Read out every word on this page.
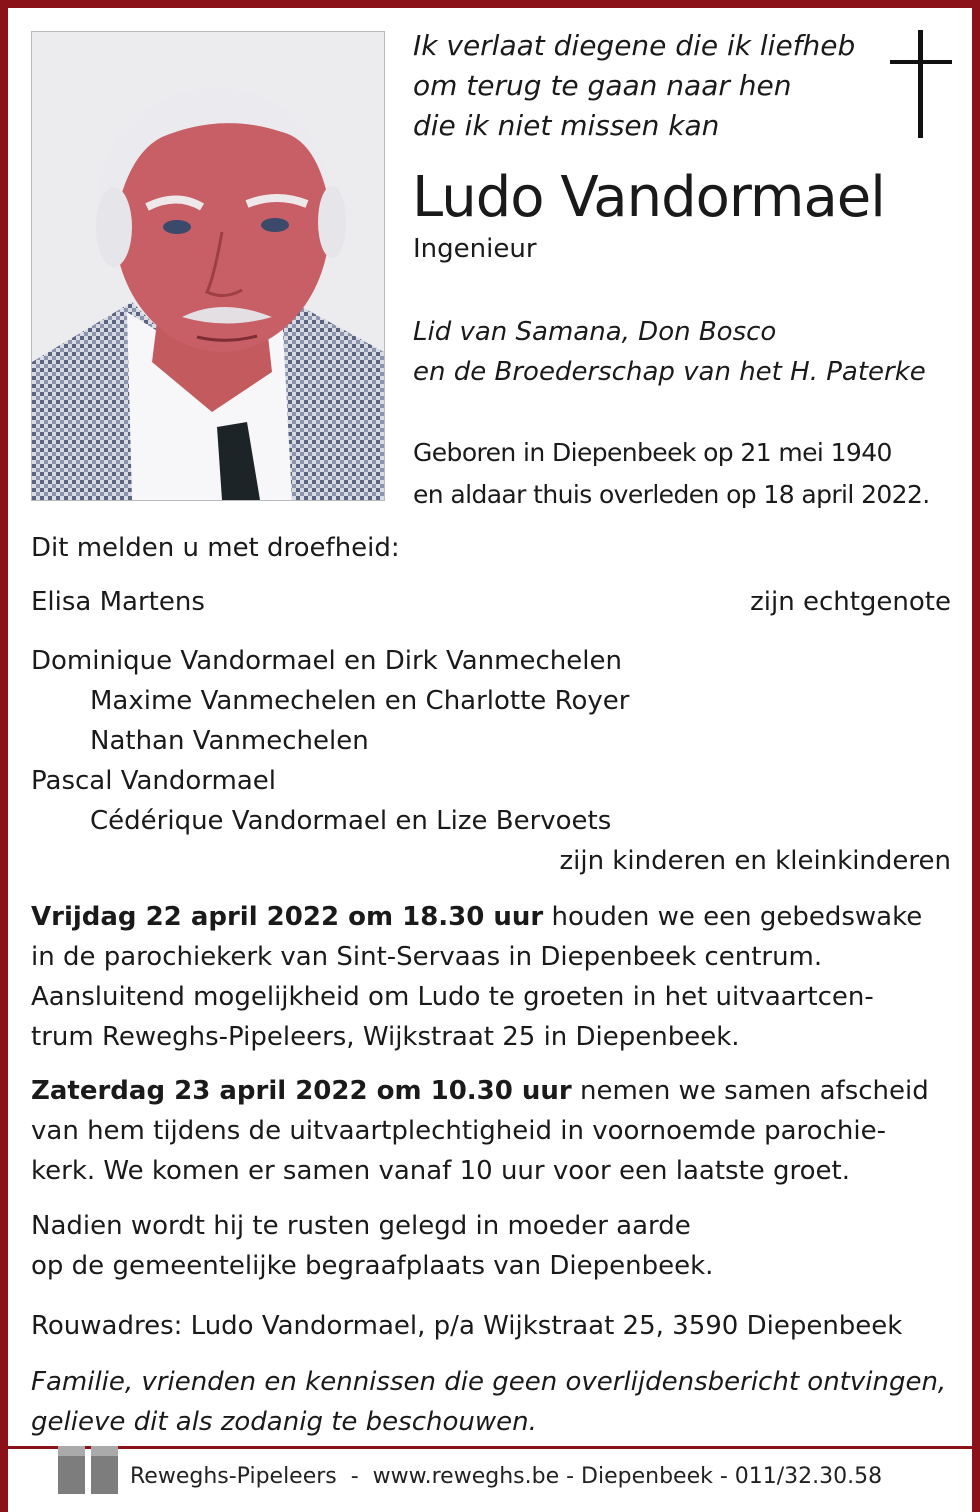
Ik verlaat diegene die ik liefheb
om terug te gaan naar hen
die ik niet missen kan
Ludo Vandormael
Ingenieur
Lid van Samana, Don Bosco
en de Broederschap van het H. Paterke
Geboren in Diepenbeek op 21 mei 1940
en aldaar thuis overleden op 18 april 2022.
Dit melden u met droefheid:
Elisa Martens	zijn echtgenote
Dominique Vandormael en Dirk Vanmechelen
Maxime Vanmechelen en Charlotte Royer
Nathan Vanmechelen
Pascal Vandormael
Cédérique Vandormael en Lize Bervoets
zijn kinderen en kleinkinderen
Vrijdag 22 april 2022 om 18.30 uur houden we een gebedswake
in de parochiekerk van Sint-Servaas in Diepenbeek centrum.
Aansluitend mogelijkheid om Ludo te groeten in het uitvaartcen-
trum Reweghs-Pipeleers, Wijkstraat 25 in Diepenbeek.
Zaterdag 23 april 2022 om 10.30 uur nemen we samen afscheid
van hem tijdens de uitvaartplechtigheid in voornoemde parochie-
kerk. We komen er samen vanaf 10 uur voor een laatste groet.
Nadien wordt hij te rusten gelegd in moeder aarde
op de gemeentelijke begraafplaats van Diepenbeek.
Rouwadres: Ludo Vandormael, p/a Wijkstraat 25, 3590 Diepenbeek
Familie, vrienden en kennissen die geen overlijdensbericht ontvingen,
gelieve dit als zodanig te beschouwen.
Reweghs-Pipeleers  -  www.reweghs.be - Diepenbeek - 011/32.30.58
